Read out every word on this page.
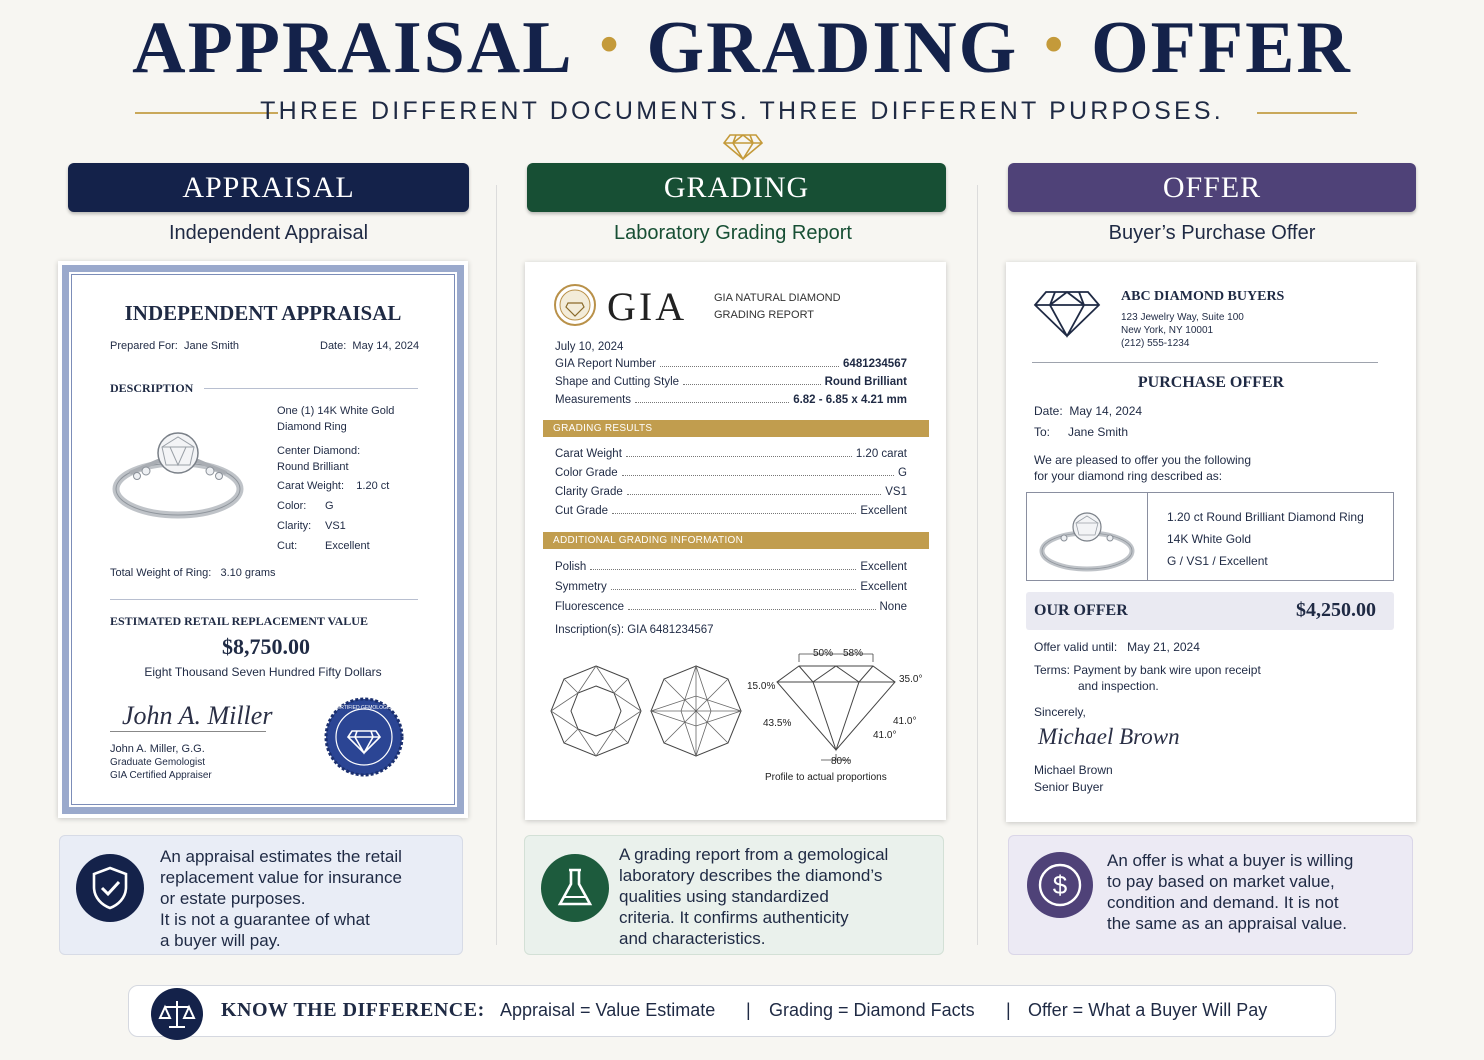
APPRAISAL • GRADING • OFFER
THREE DIFFERENT DOCUMENTS. THREE DIFFERENT PURPOSES.
APPRAISAL	GRADING	OFFER
Independent Appraisal	Laboratory Grading Report	Buyer’s Purchase Offer
INDEPENDENT APPRAISAL
Prepared For: Jane Smith	Date: May 14, 2024
DESCRIPTION
One (1) 14K White Gold
Diamond Ring
Center Diamond:
Round Brilliant
Carat Weight: 1.20 ct
Color: G
Clarity: VS1
Cut:	Excellent
Total Weight of Ring: 3.10 grams
ESTIMATED RETAIL REPLACEMENT VALUE
$8,750.00
Eight Thousand Seven Hundred Fifty Dollars
John A. Miller
John A. Miller, G.G.
Graduate Gemologist
GIA Certified Appraiser
CERTIFIED GEMOLOGIST
GIA GIA NATURAL DIAMOND
GRADING REPORT
July 10, 2024
GIA Report Number	6481234567
Shape and Cutting Style	Round Brilliant
Measurements	6.82 - 6.85 x 4.21 mm
GRADING RESULTS
Carat Weight	1.20 carat
Color Grade	G
Clarity Grade	VS1
Cut Grade	Excellent
ADDITIONAL GRADING INFORMATION
Polish	Excellent
Symmetry	Excellent
Fluorescence	None
Inscription(s): GIA 6481234567
50% 58%
15.0%
35.0°
43.5%	41.0°
41.0°
80%
Profile to actual proportions
ABC DIAMOND BUYERS
123 Jewelry Way, Suite 100
New York, NY 10001
(212) 555-1234
PURCHASE OFFER
Date: May 14, 2024
To: Jane Smith
We are pleased to offer you the following
for your diamond ring described as:
1.20 ct Round Brilliant Diamond Ring
14K White Gold
G / VS1 / Excellent
OUR OFFER	$4,250.00
Offer valid until: May 21, 2024
Terms: Payment by bank wire upon receipt
and inspection.
Sincerely,
Michael Brown
Michael Brown
Senior Buyer
An appraisal estimates the retail
replacement value for insurance
or estate purposes.
It is not a guarantee of what
a buyer will pay.
A grading report from a gemological
laboratory describes the diamond’s
qualities using standardized
criteria. It confirms authenticity
and characteristics.
$
An offer is what a buyer is willing
to pay based on market value,
condition and demand. It is not
the same as an appraisal value.
KNOW THE DIFFERENCE: Appraisal = Value Estimate | Grading = Diamond Facts | Offer = What a Buyer Will Pay
